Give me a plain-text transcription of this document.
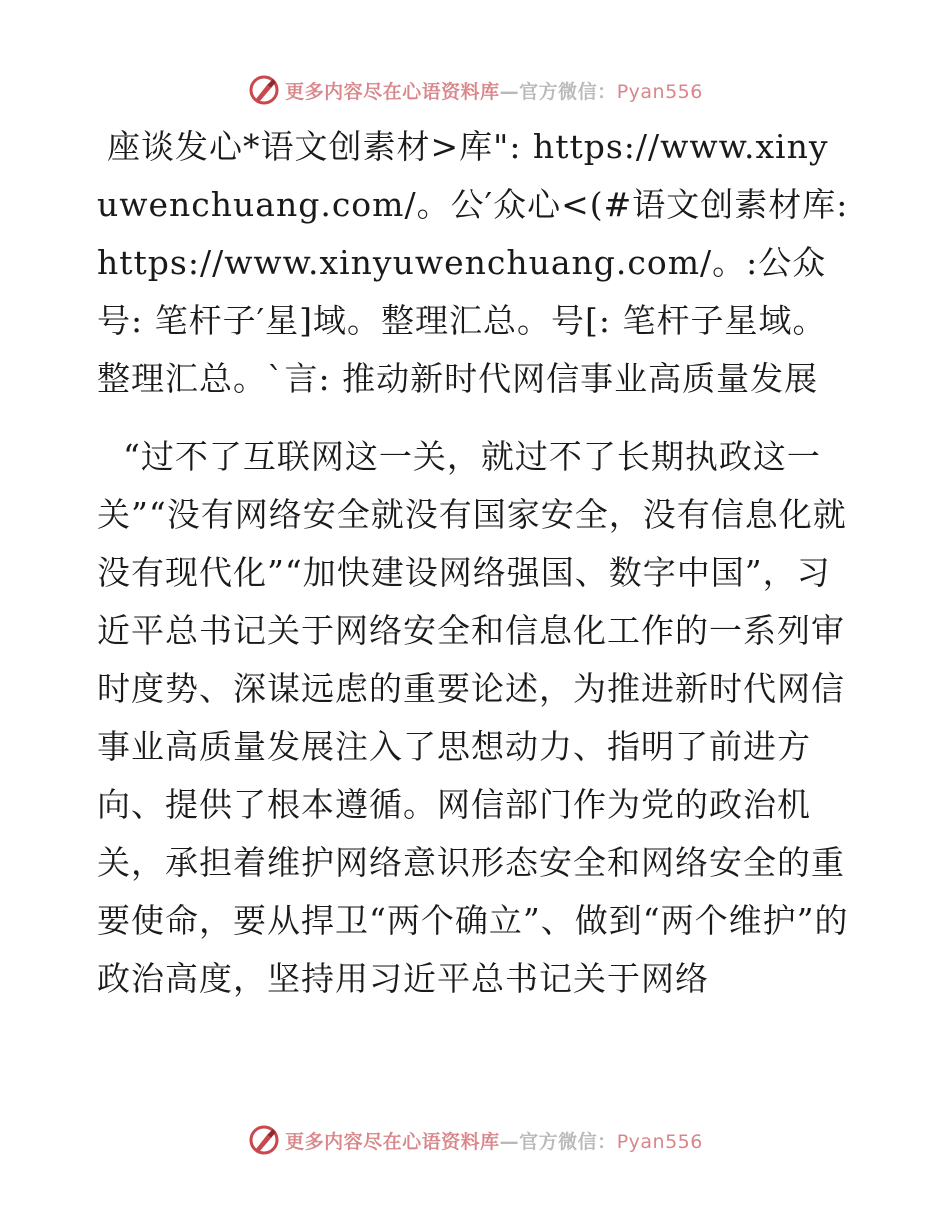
更多内容尽在心语资料库—官方微信：Pyan556

座谈发心*语文创素材>库": https://www.xinyuwenchuang.com/。公′众心<(#语文创素材库: https://www.xinyuwenchuang.com/。:公众号: 笔杆子′星]域。整理汇总。号[: 笔杆子星域。整理汇总。`言: 推动新时代网信事业高质量发展

“过不了互联网这一关，就过不了长期执政这一关”“没有网络安全就没有国家安全，没有信息化就没有现代化”“加快建设网络强国、数字中国”，习近平总书记关于网络安全和信息化工作的一系列审时度势、深谋远虑的重要论述，为推进新时代网信事业高质量发展注入了思想动力、指明了前进方向、提供了根本遵循。网信部门作为党的政治机关，承担着维护网络意识形态安全和网络安全的重要使命，要从捍卫“两个确立”、做到“两个维护”的政治高度，坚持用习近平总书记关于网络

更多内容尽在心语资料库—官方微信：Pyan556
